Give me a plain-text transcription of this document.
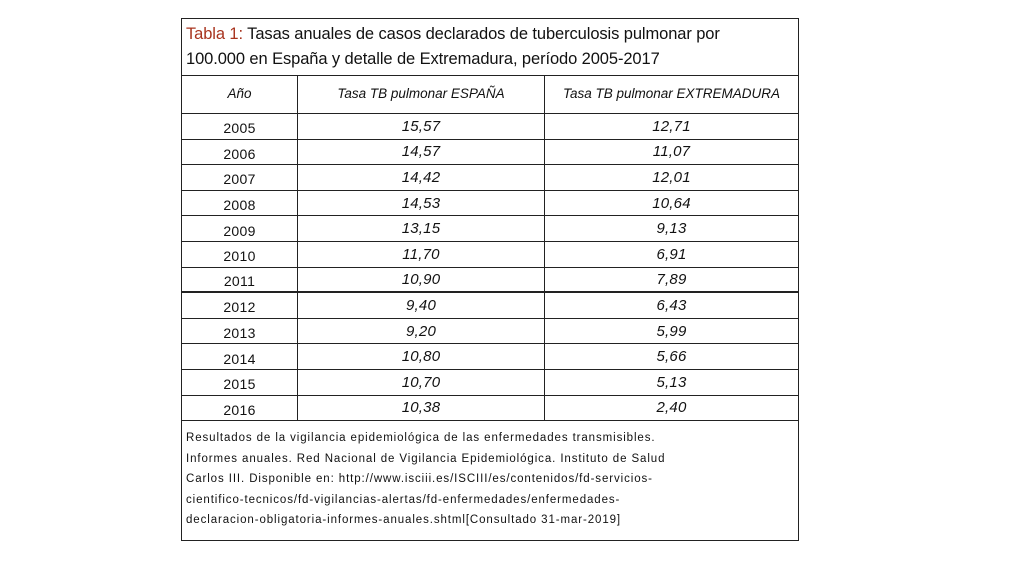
Tabla 1: Tasas anuales de casos declarados de tuberculosis pulmonar por
100.000 en España y detalle de Extremadura, período 2005-2017
Año	Tasa TB pulmonar ESPAÑA	Tasa TB pulmonar EXTREMADURA
2005	15,57	12,71
2006	14,57	11,07
2007	14,42	12,01
2008	14,53	10,64
2009	13,15	9,13
2010	11,70	6,91
2011	10,90	7,89
2012	9,40	6,43
2013	9,20	5,99
2014	10,80	5,66
2015	10,70	5,13
2016	10,38	2,40
Resultados de la vigilancia epidemiológica de las enfermedades transmisibles.
Informes anuales. Red Nacional de Vigilancia Epidemiológica. Instituto de Salud
Carlos III. Disponible en: http://www.isciii.es/ISCIII/es/contenidos/fd-servicios-
cientifico-tecnicos/fd-vigilancias-alertas/fd-enfermedades/enfermedades-
declaracion-obligatoria-informes-anuales.shtml[Consultado 31-mar-2019]
